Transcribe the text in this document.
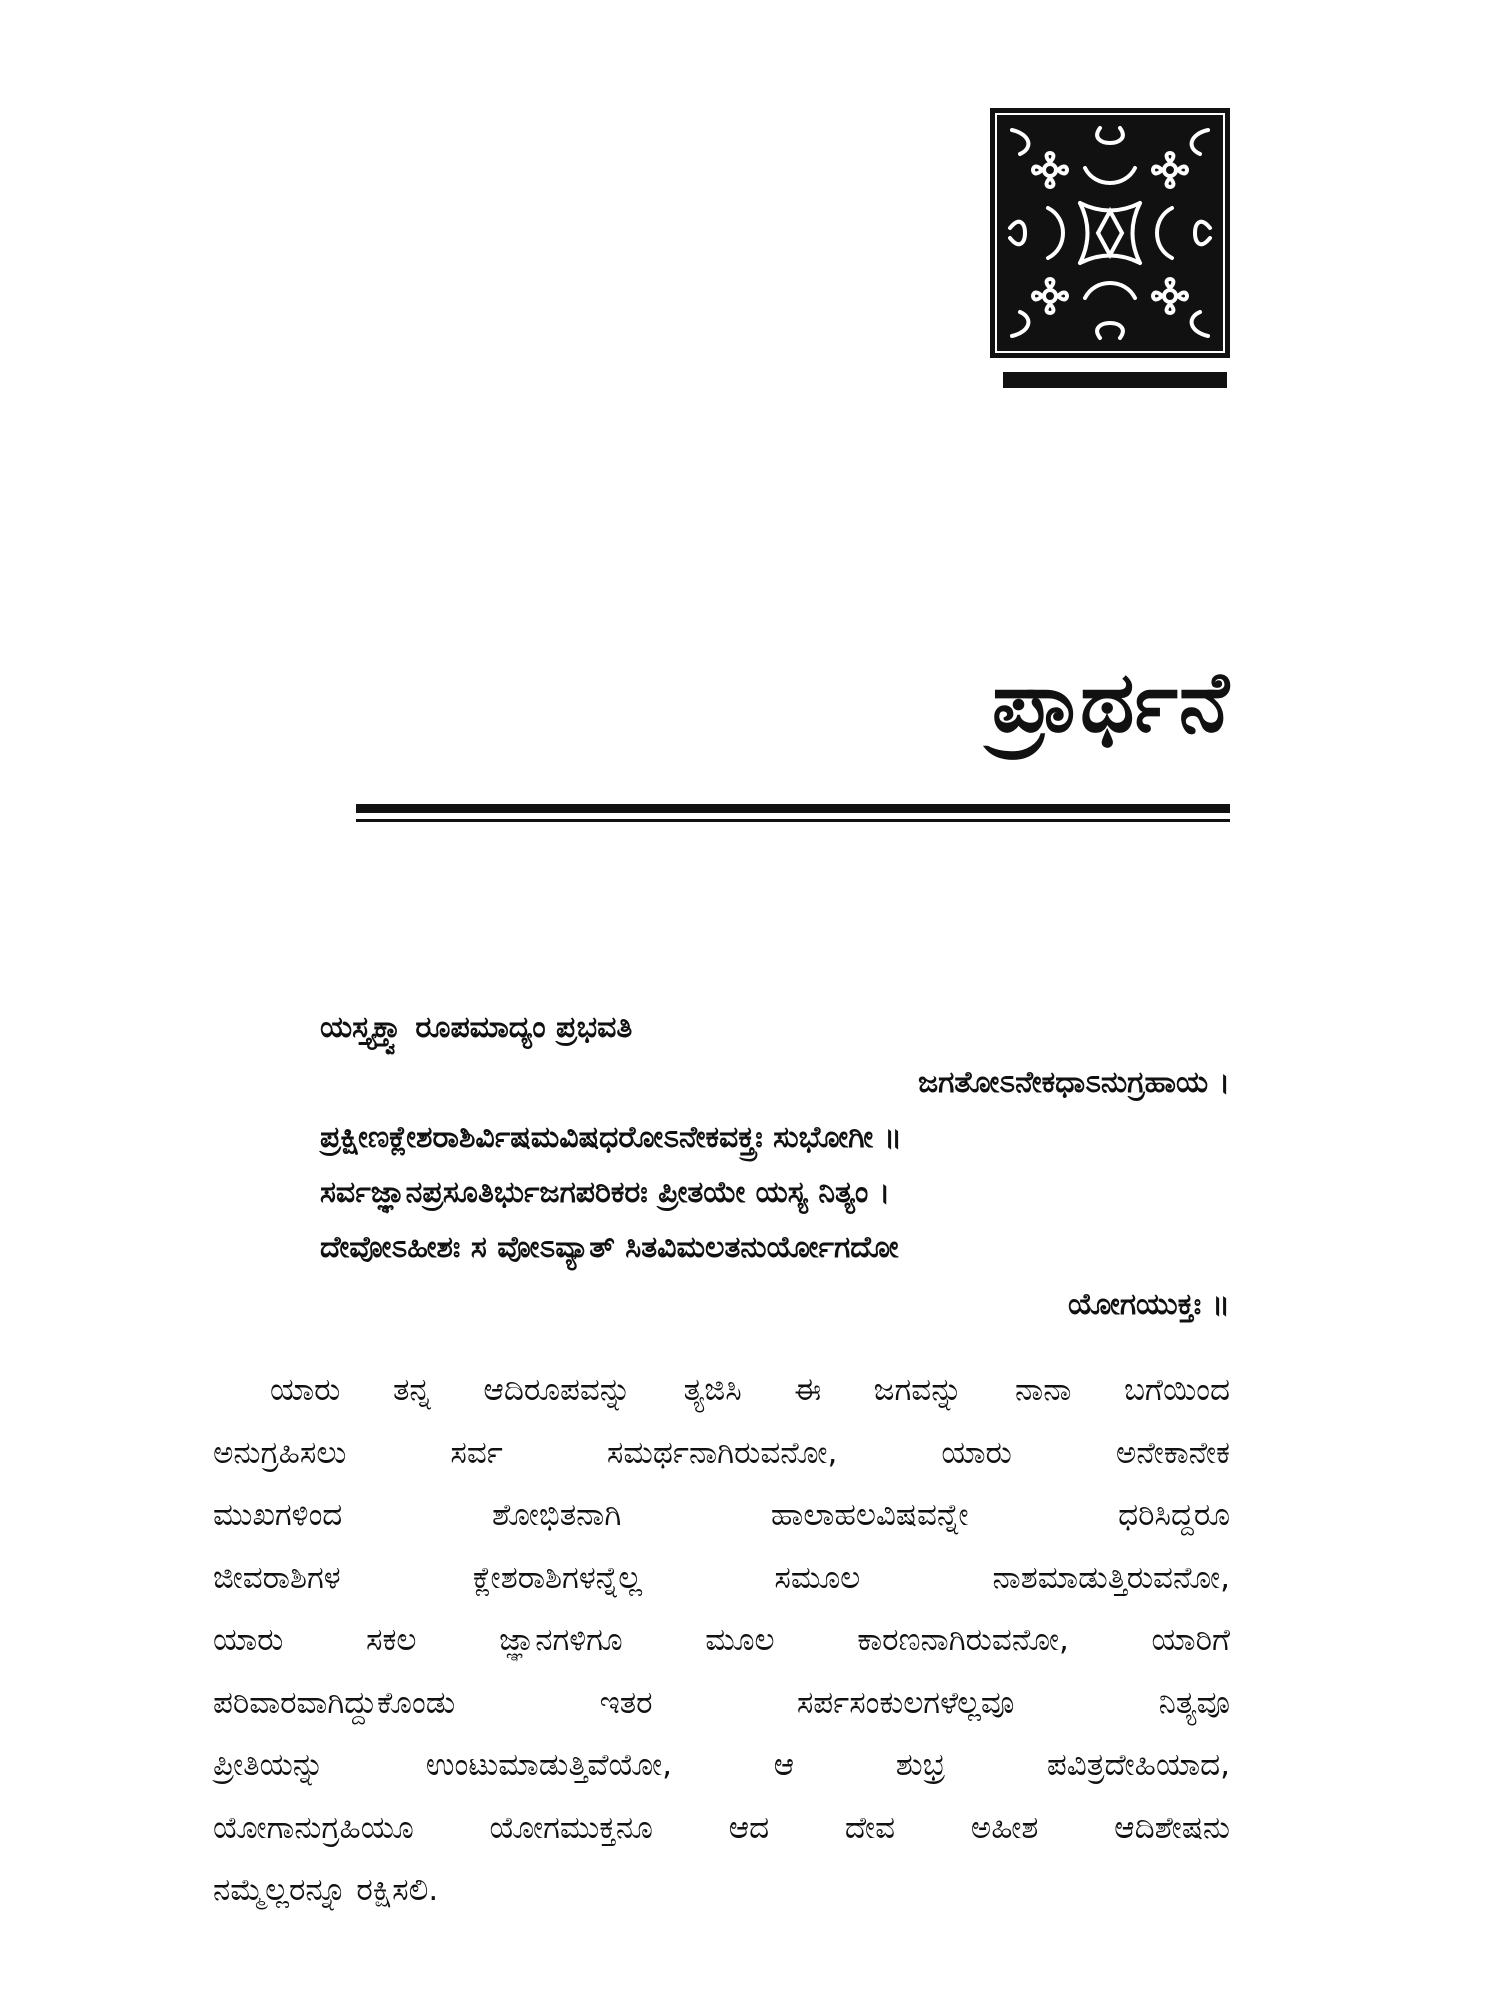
ಪ್ರಾರ್ಥನೆ
ಯಸ್ತ್ಯಕ್ತ್ವಾ ರೂಪಮಾದ್ಯಂ ಪ್ರಭವತಿ
ಜಗತೋಽನೇಕಧಾಽನುಗ್ರಹಾಯ ।
ಪ್ರಕ್ಷೀಣಕ್ಲೇಶರಾಶಿರ್ವಿಷಮವಿಷಧರೋಽನೇಕವಕ್ತ್ರಃ ಸುಭೋಗೀ ॥
ಸರ್ವಜ್ಞಾನಪ್ರಸೂತಿರ್ಭುಜಗಪರಿಕರಃ ಪ್ರೀತಯೇ ಯಸ್ಯ ನಿತ್ಯಂ ।
ದೇವೋಽಹೀಶಃ ಸ ವೋಽವ್ಯಾತ್ ಸಿತವಿಮಲತನುರ್ಯೋಗದೋ
ಯೋಗಯುಕ್ತಃ ॥
ಯಾರು ತನ್ನ ಆದಿರೂಪವನ್ನು ತ್ಯಜಿಸಿ ಈ ಜಗವನ್ನು ನಾನಾ ಬಗೆಯಿಂದ
ಅನುಗ್ರಹಿಸಲು ಸರ್ವ ಸಮರ್ಥನಾಗಿರುವನೋ, ಯಾರು ಅನೇಕಾನೇಕ
ಮುಖಗಳಿಂದ ಶೋಭಿತನಾಗಿ ಹಾಲಾಹಲವಿಷವನ್ನೇ ಧರಿಸಿದ್ದರೂ
ಜೀವರಾಶಿಗಳ ಕ್ಲೇಶರಾಶಿಗಳನ್ನೆಲ್ಲ ಸಮೂಲ ನಾಶಮಾಡುತ್ತಿರುವನೋ,
ಯಾರು ಸಕಲ ಜ್ಞಾನಗಳಿಗೂ ಮೂಲ ಕಾರಣನಾಗಿರುವನೋ, ಯಾರಿಗೆ
ಪರಿವಾರವಾಗಿದ್ದುಕೊಂಡು ಇತರ ಸರ್ಪಸಂಕುಲಗಳೆಲ್ಲವೂ ನಿತ್ಯವೂ
ಪ್ರೀತಿಯನ್ನು ಉಂಟುಮಾಡುತ್ತಿವೆಯೋ, ಆ ಶುಭ್ರ ಪವಿತ್ರದೇಹಿಯಾದ,
ಯೋಗಾನುಗ್ರಹಿಯೂ ಯೋಗಮುಕ್ತನೂ ಆದ ದೇವ ಅಹೀಶ ಆದಿಶೇಷನು
ನಮ್ಮೆಲ್ಲರನ್ನೂ ರಕ್ಷಿಸಲಿ.
